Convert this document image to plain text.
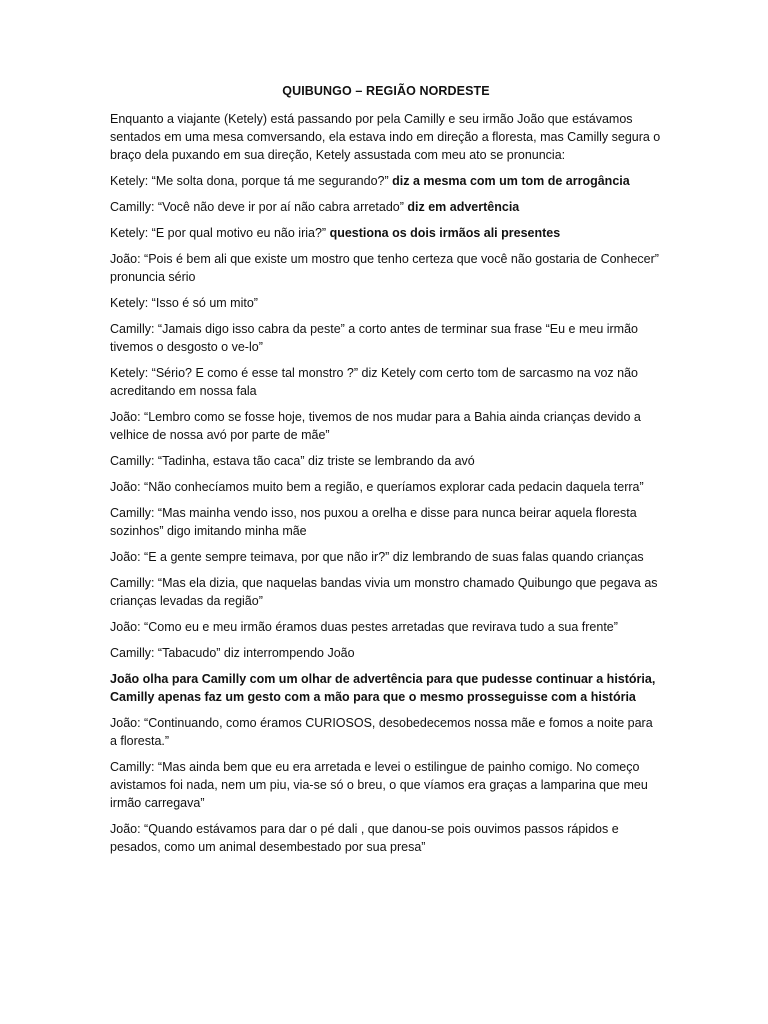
QUIBUNGO – REGIÃO NORDESTE
Enquanto a viajante (Ketely) está passando por pela Camilly e seu irmão João que estávamos sentados em uma mesa comversando, ela estava indo em direção a floresta, mas Camilly segura o braço dela puxando em sua direção, Ketely assustada com meu ato se pronuncia:
Ketely: “Me solta dona, porque tá me segurando?” diz a mesma com um tom de arrogância
Camilly: “Você não deve ir por aí não cabra arretado” diz em advertência
Ketely: “E por qual motivo eu não iria?” questiona os dois irmãos ali presentes
João: “Pois é bem ali que existe um mostro que tenho certeza que você não gostaria de Conhecer” pronuncia sério
Ketely: “Isso é só um mito”
Camilly: “Jamais digo isso cabra da peste” a corto antes de terminar sua frase “Eu e meu irmão tivemos o desgosto o ve-lo”
Ketely: “Sério? E como é esse tal monstro ?” diz Ketely com certo tom de sarcasmo na voz não acreditando em nossa fala
João: “Lembro como se fosse hoje, tivemos de nos mudar para a Bahia ainda crianças devido a velhice de nossa avó por parte de mãe”
Camilly: “Tadinha, estava tão caca” diz triste se lembrando da avó
João: “Não conhecíamos muito bem a região, e queríamos explorar cada pedacin daquela terra”
Camilly: “Mas mainha vendo isso, nos puxou a orelha e disse para nunca beirar aquela floresta sozinhos” digo imitando minha mãe
João: “E a gente sempre teimava, por que não ir?” diz lembrando de suas falas quando crianças
Camilly: “Mas ela dizia, que naquelas bandas vivia um monstro chamado Quibungo que pegava as crianças levadas da região”
João: “Como eu e meu irmão éramos duas pestes arretadas que revirava tudo a sua frente”
Camilly: “Tabacudo” diz interrompendo João
João olha para Camilly com um olhar de advertência para que pudesse continuar a história, Camilly apenas faz um gesto com a mão para que o mesmo prosseguisse com a história
João: “Continuando, como éramos CURIOSOS, desobedecemos nossa mãe e fomos a noite para a floresta.”
Camilly: “Mas ainda bem que eu era arretada e levei o estilingue de painho comigo. No começo avistamos foi nada, nem um piu, via-se só o breu, o que víamos era graças a lamparina que meu irmão carregava”
João: “Quando estávamos para dar o pé dali , que danou-se pois ouvimos passos rápidos e pesados, como um animal desembestado por sua presa”
